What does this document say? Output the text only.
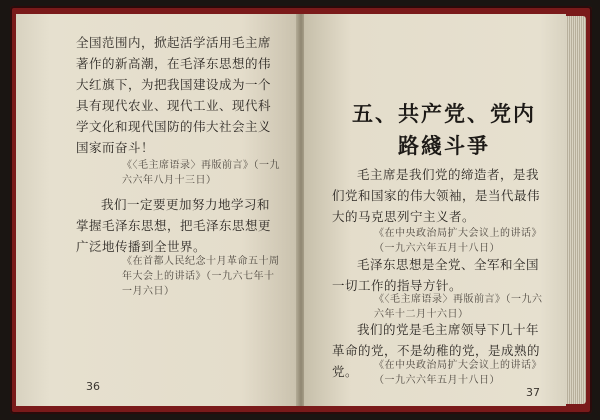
全国范围内，掀起活学活用毛主席著作的新高潮，在毛泽东思想的伟大红旗下，为把我国建设成为一个具有现代农业、现代工业、现代科学文化和现代国防的伟大社会主义国家而奋斗！

《〈毛主席语录〉再版前言》（一九六六年八月十三日）

我们一定要更加努力地学习和掌握毛泽东思想，把毛泽东思想更广泛地传播到全世界。

《在首都人民纪念十月革命五十周年大会上的讲话》（一九六七年十一月六日）

36
五、共产党、党内
路綫斗爭

毛主席是我们党的缔造者，是我们党和国家的伟大领袖，是当代最伟大的马克思列宁主义者。

《在中央政治局扩大会议上的讲话》（一九六六年五月十八日）

毛泽东思想是全党、全军和全国一切工作的指导方针。

《〈毛主席语录〉再版前言》（一九六六年十二月十六日）

我们的党是毛主席领导下几十年革命的党，不是幼稚的党，是成熟的党。	《在中央政治局扩大会议上的讲话》（一九六六年五月十八日）

37
